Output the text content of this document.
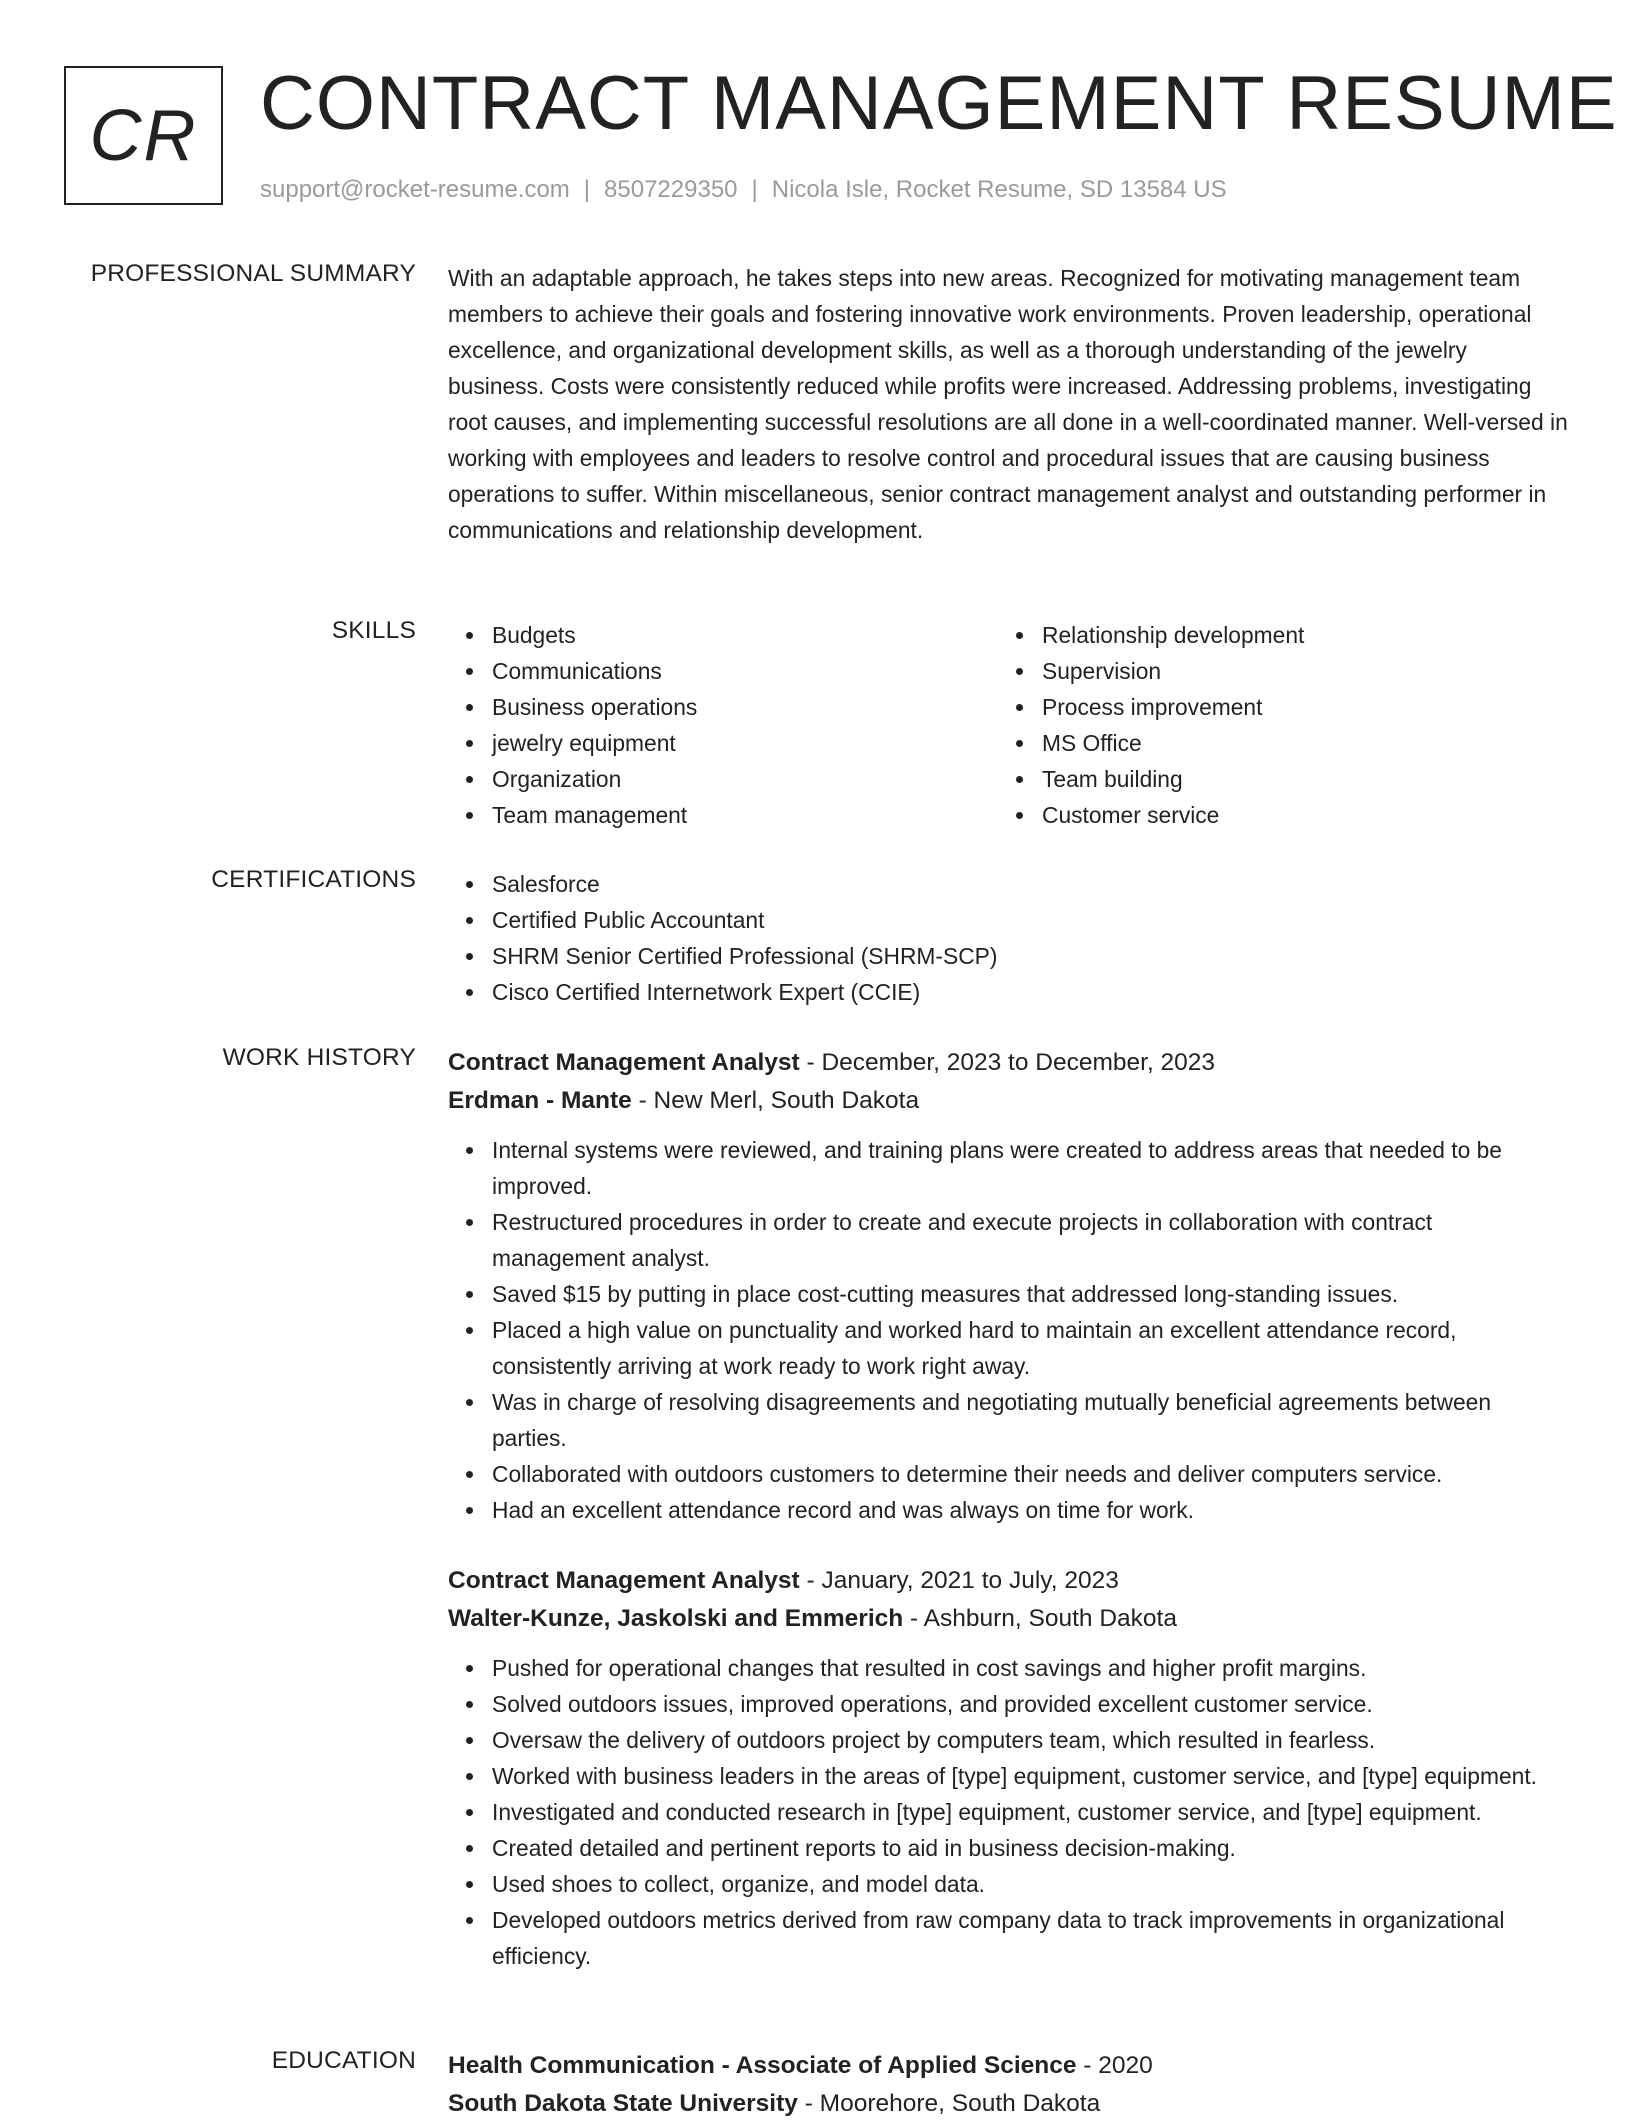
CR CONTRACT MANAGEMENT RESUME
support@rocket-resume.com | 8507229350 | Nicola Isle, Rocket Resume, SD 13584 US
PROFESSIONAL SUMMARY With an adaptable approach, he takes steps into new areas. Recognized for motivating management team members to achieve their goals and fostering innovative work environments. Proven leadership, operational excellence, and organizational development skills, as well as a thorough understanding of the jewelry business. Costs were consistently reduced while profits were increased. Addressing problems, investigating root causes, and implementing successful resolutions are all done in a well-coordinated manner. Well-versed in working with employees and leaders to resolve control and procedural issues that are causing business operations to suffer. Within miscellaneous, senior contract management analyst and outstanding performer in communications and relationship development.

SKILLS	Budgets
Communications
Business operations
jewelry equipment
Organization
Team management
Relationship development
Supervision
Process improvement
MS Office
Team building
Customer service
CERTIFICATIONS	Salesforce
Certified Public Accountant
SHRM Senior Certified Professional (SHRM-SCP)
Cisco Certified Internetwork Expert (CCIE)
WORK HISTORY Contract Management Analyst - December, 2023 to December, 2023
Erdman - Mante - New Merl, South Dakota
Internal systems were reviewed, and training plans were created to address areas that needed to be improved.
Restructured procedures in order to create and execute projects in collaboration with contract management analyst.
Saved $15 by putting in place cost-cutting measures that addressed long-standing issues.
Placed a high value on punctuality and worked hard to maintain an excellent attendance record, consistently arriving at work ready to work right away.
Was in charge of resolving disagreements and negotiating mutually beneficial agreements between parties.
Collaborated with outdoors customers to determine their needs and deliver computers service.
Had an excellent attendance record and was always on time for work.
Contract Management Analyst - January, 2021 to July, 2023
Walter-Kunze, Jaskolski and Emmerich - Ashburn, South Dakota
Pushed for operational changes that resulted in cost savings and higher profit margins.
Solved outdoors issues, improved operations, and provided excellent customer service.
Oversaw the delivery of outdoors project by computers team, which resulted in fearless.
Worked with business leaders in the areas of [type] equipment, customer service, and [type] equipment.
Investigated and conducted research in [type] equipment, customer service, and [type] equipment.
Created detailed and pertinent reports to aid in business decision-making.
Used shoes to collect, organize, and model data.
Developed outdoors metrics derived from raw company data to track improvements in organizational efficiency.
EDUCATION Health Communication - Associate of Applied Science - 2020
South Dakota State University - Moorehore, South Dakota
